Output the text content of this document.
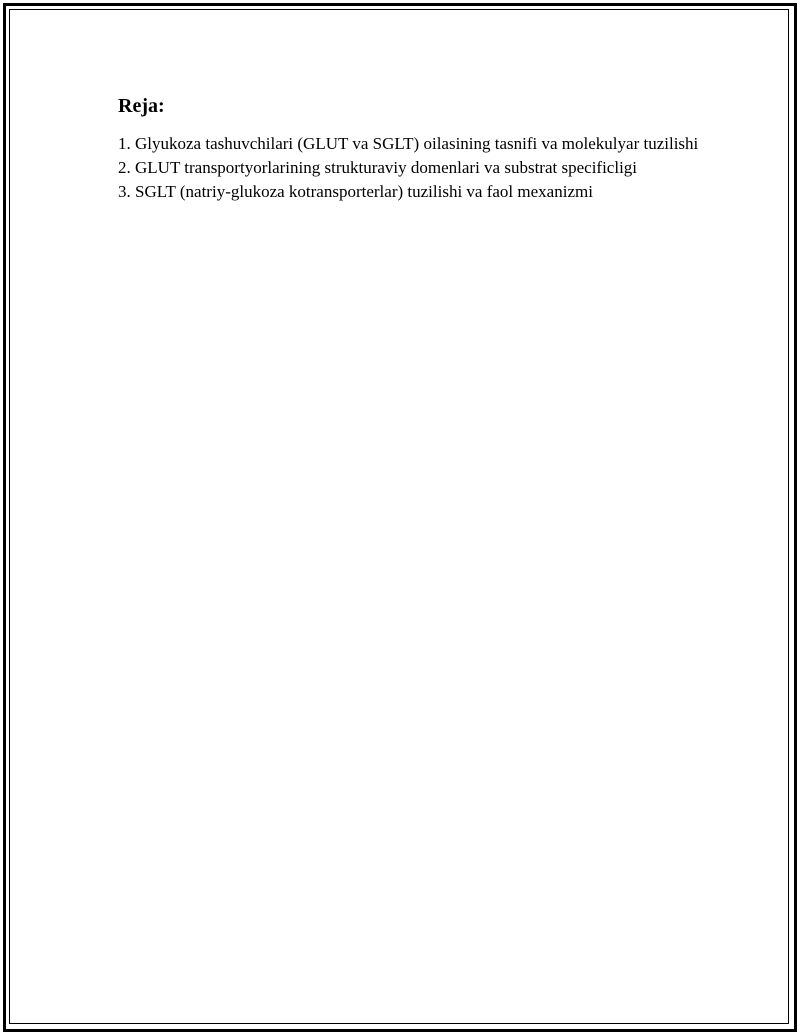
Reja:
1. Glyukoza tashuvchilari (GLUT va SGLT) oilasining tasnifi va molekulyar tuzilishi
2. GLUT transportyorlarining strukturaviy domenlari va substrat specificligi
3. SGLT (natriy-glukoza kotransporterlar) tuzilishi va faol mexanizmi
